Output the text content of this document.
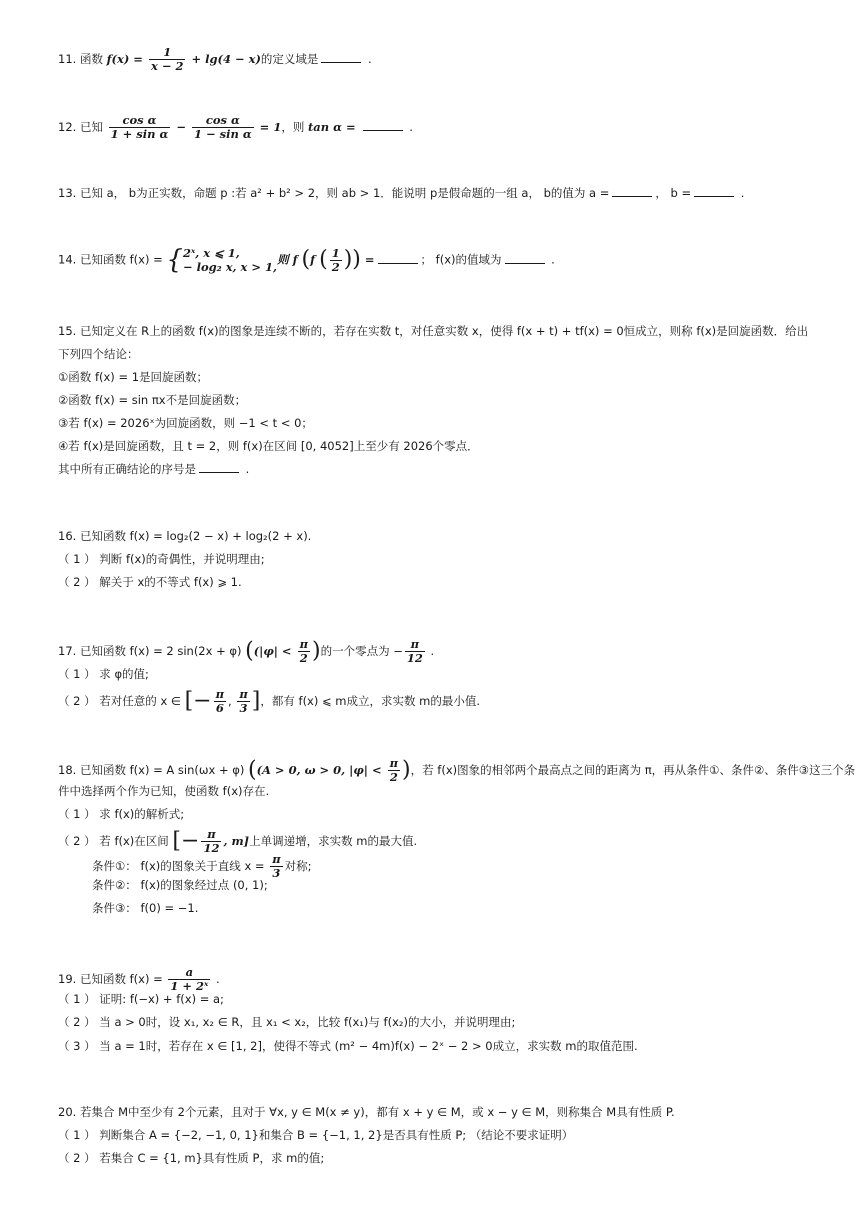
11. 函数 $f(x) = \frac{1}{x - 2} + \lg(4 - x)$的定义域是	.
12. 已知 $\frac{\text{cos α}}{\text{1 + sin α}} - \frac{\text{cos α}}{\text{1 − sin α}} = 1$，则 tan α =	.
13. 已知 a， b为正实数，命题 p :若 a² + b² > 2，则 ab > 1．能说明 p是假命题的一组 a， b的值为 a =	， b =	.
14. 已知函数 f(x) = { 2ˣ, x ⩽ 1,
− log₂ x, x > 1,
则 f (f ( $\frac{1}{2}$ )) =	； f(x)的值域为	.
15. 已知定义在 R上的函数 f(x)的图象是连续不断的，若存在实数 t，对任意实数 x，使得 f(x + t) + tf(x) = 0恒成立，则称 f(x)是回旋函数．给出
下列四个结论：
①函数 f(x) = 1是回旋函数；
②函数 f(x) = sin πx不是回旋函数；
③若 f(x) = 2026ˣ为回旋函数，则 −1 < t < 0；
④若 f(x)是回旋函数，且 t = 2，则 f(x)在区间 [0, 4052]上至少有 2026个零点．
其中所有正确结论的序号是	.
16. 已知函数 f(x) = log₂(2 − x) + log₂(2 + x).
（ 1 ） 判断 f(x)的奇偶性，并说明理由;
（ 2 ） 解关于 x的不等式 f(x) ⩾ 1.
17. 已知函数 f(x) = 2 sin(2x + φ) (($|\varphi| < \frac{\pi}{2}$ )的一个零点为 − $\frac{\pi}{12}$ .
（ 1 ） 求 φ的值;
（ 2 ） 若对任意的 x ∈ [− $\frac{\pi}{6}$ , $\frac{\pi}{3}$ ]，都有 f(x) ⩽ m成立，求实数 m的最小值.
18. 已知函数 f(x) = A sin(ωx + φ) ((A > 0, ω > 0, $|\varphi| < \frac{\pi}{2}$ )，若 f(x)图象的相邻两个最高点之间的距离为 π，再从条件①、条件②、条件③这三个条
件中选择两个作为已知，使函数 f(x)存在.
（ 1 ） 求 f(x)的解析式;
（ 2 ） 若 f(x)在区间 [− $\frac{\pi}{12}$ , m]上单调递增，求实数 m的最大值.
条件①： f(x)的图象关于直线 $x = \frac{\pi}{3}$ 对称;
条件②： f(x)的图象经过点 (0, 1);
条件③： f(0) = −1.
19. 已知函数 $f(x) = \frac{a}{\text{1 + 2ˣ}}$ .
（ 1 ） 证明: f(−x) + f(x) = a;
（ 2 ） 当 a > 0时，设 x₁, x₂ ∈ R，且 x₁ < x₂，比较 f(x₁)与 f(x₂)的大小，并说明理由;
（ 3 ） 当 a = 1时，若存在 x ∈ [1, 2]，使得不等式 (m² − 4m)f(x) − 2ˣ − 2 > 0成立，求实数 m的取值范围.
20. 若集合 M中至少有 2个元素，且对于 ∀x, y ∈ M(x ≠ y)，都有 x + y ∈ M，或 x − y ∈ M，则称集合 M具有性质 P.
（ 1 ） 判断集合 A = {−2, −1, 0, 1}和集合 B = {−1, 1, 2}是否具有性质 P; （结论不要求证明）
（ 2 ） 若集合 C = {1, m}具有性质 P，求 m的值;
